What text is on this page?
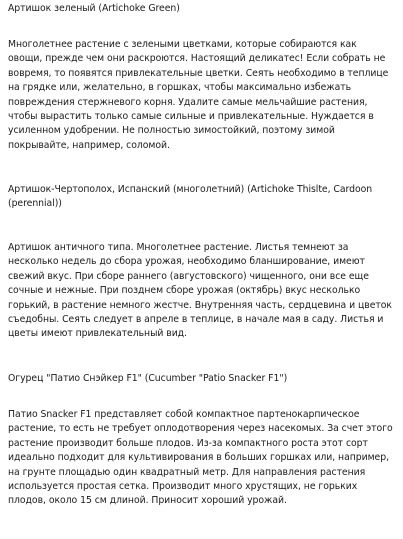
Артишок зеленый (Artichoke Green)

Многолетнее растение с зелеными цветками, которые собираются как овощи, прежде чем они раскроются. Настоящий деликатес! Если собрать не вовремя, то появятся привлекательные цветки. Сеять необходимо в теплице на грядке или, желательно, в горшках, чтобы максимально избежать повреждения стержневого корня. Удалите самые мельчайшие растения, чтобы вырастить только самые сильные и привлекательные. Нуждается в усиленном удобрении. Не полностью зимостойкий, поэтому зимой покрывайте, например, соломой.

Артишок-Чертополох, Испанский (многолетний) (Artichoke Thislte, Cardoon (perennial))

Артишок античного типа. Многолетнее растение. Листья темнеют за несколько недель до сбора урожая, необходимо бланширование, имеют свежий вкус. При сборе раннего (августовского) чищенного, они все еще сочные и нежные. При позднем сборе урожая (октябрь) вкус несколько горький, в растение немного жестче. Внутренняя часть, сердцевина и цветок съедобны. Сеять следует в апреле в теплице, в начале мая в саду. Листья и цветы имеют привлекательный вид.

Огурец "Патио Снэйкер F1" (Cucumber "Patio Snacker F1")

Патио Snacker F1 представляет собой компактное партенокарпическое растение, то есть не требует оплодотворения через насекомых. За счет этого растение производит больше плодов. Из-за компактного роста этот сорт идеально подходит для культивирования в больших горшках или, например, на грунте площадью один квадратный метр. Для направления растения используется простая сетка. Производит много хрустящих, не горьких плодов, около 15 см длиной. Приносит хороший урожай.
